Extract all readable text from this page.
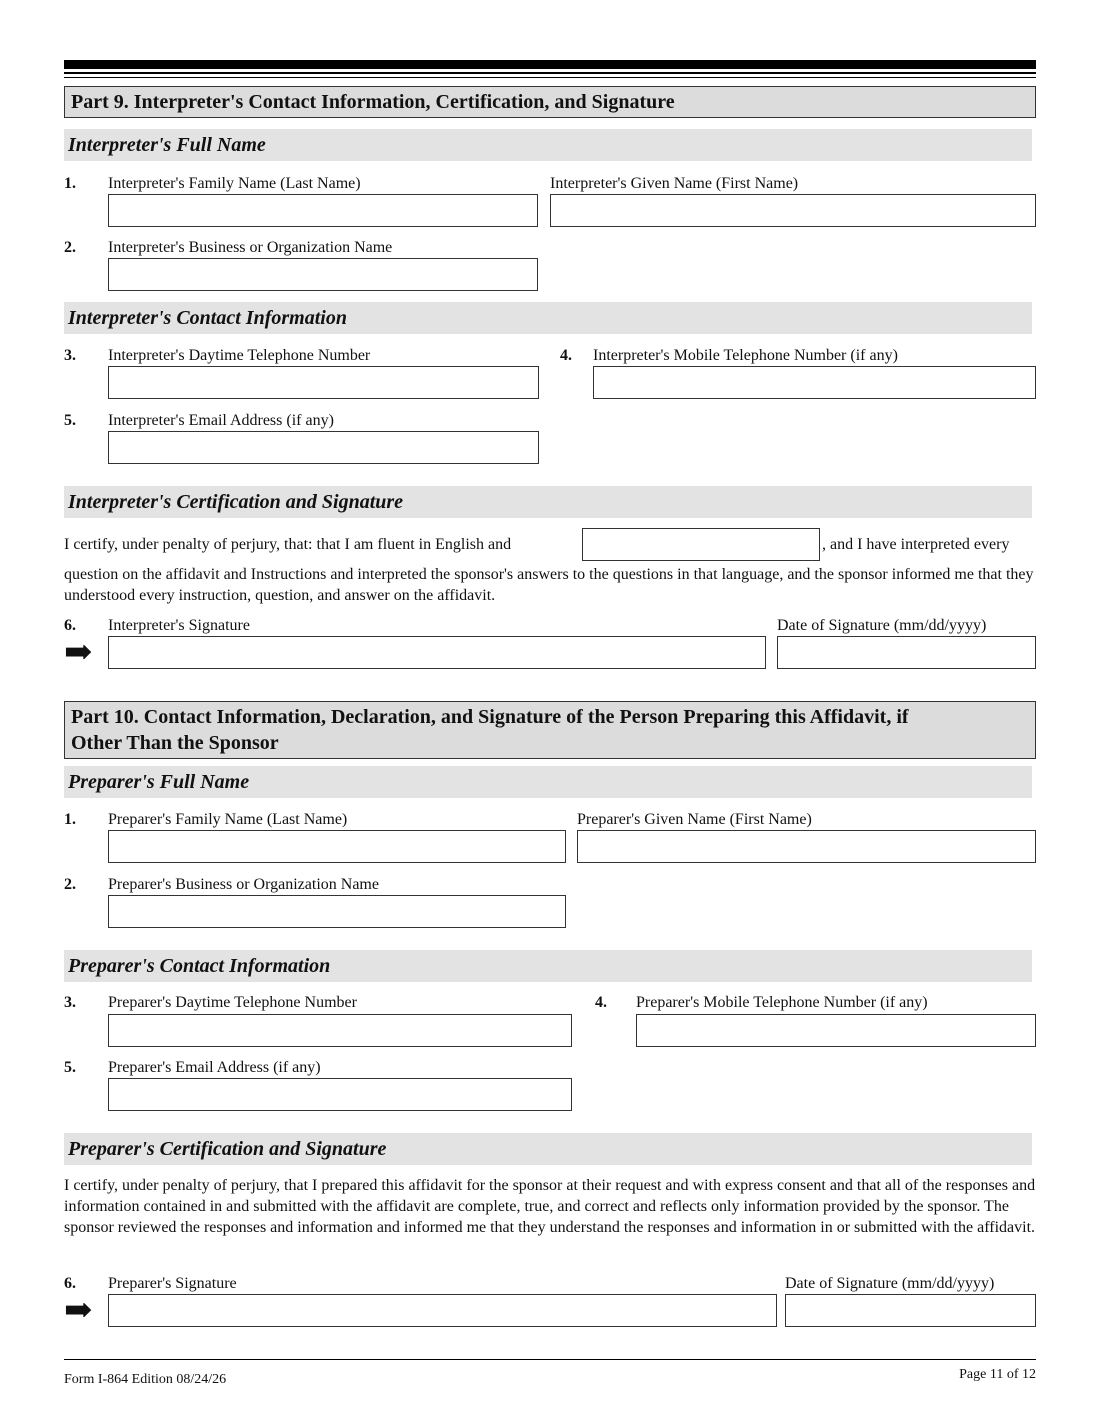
Part 9. Interpreter's Contact Information, Certification, and Signature
Interpreter's Full Name
1. Interpreter's Family Name (Last Name)	Interpreter's Given Name (First Name)
2. Interpreter's Business or Organization Name
Interpreter's Contact Information
3. Interpreter's Daytime Telephone Number	4. Interpreter's Mobile Telephone Number (if any)
5. Interpreter's Email Address (if any)
Interpreter's Certification and Signature
I certify, under penalty of perjury, that: that I am fluent in English and	, and I have interpreted every
question on the affidavit and Instructions and interpreted the sponsor's answers to the questions in that language, and the sponsor informed me that they understood every instruction, question, and answer on the affidavit.
6. Interpreter's Signature	Date of Signature (mm/dd/yyyy)
➡
Part 10. Contact Information, Declaration, and Signature of the Person Preparing this Affidavit, if
Other Than the Sponsor
Preparer's Full Name
1. Preparer's Family Name (Last Name)	Preparer's Given Name (First Name)
2. Preparer's Business or Organization Name
Preparer's Contact Information
3. Preparer's Daytime Telephone Number	4. Preparer's Mobile Telephone Number (if any)
5. Preparer's Email Address (if any)
Preparer's Certification and Signature
I certify, under penalty of perjury, that I prepared this affidavit for the sponsor at their request and with express consent and that all of the responses and information contained in and submitted with the affidavit are complete, true, and correct and reflects only information provided by the sponsor. The sponsor reviewed the responses and information and informed me that they understand the responses and information in or submitted with the affidavit.
6. Preparer's Signature	Date of Signature (mm/dd/yyyy)
➡
Form I-864 Edition 08/24/26	Page 11 of 12
